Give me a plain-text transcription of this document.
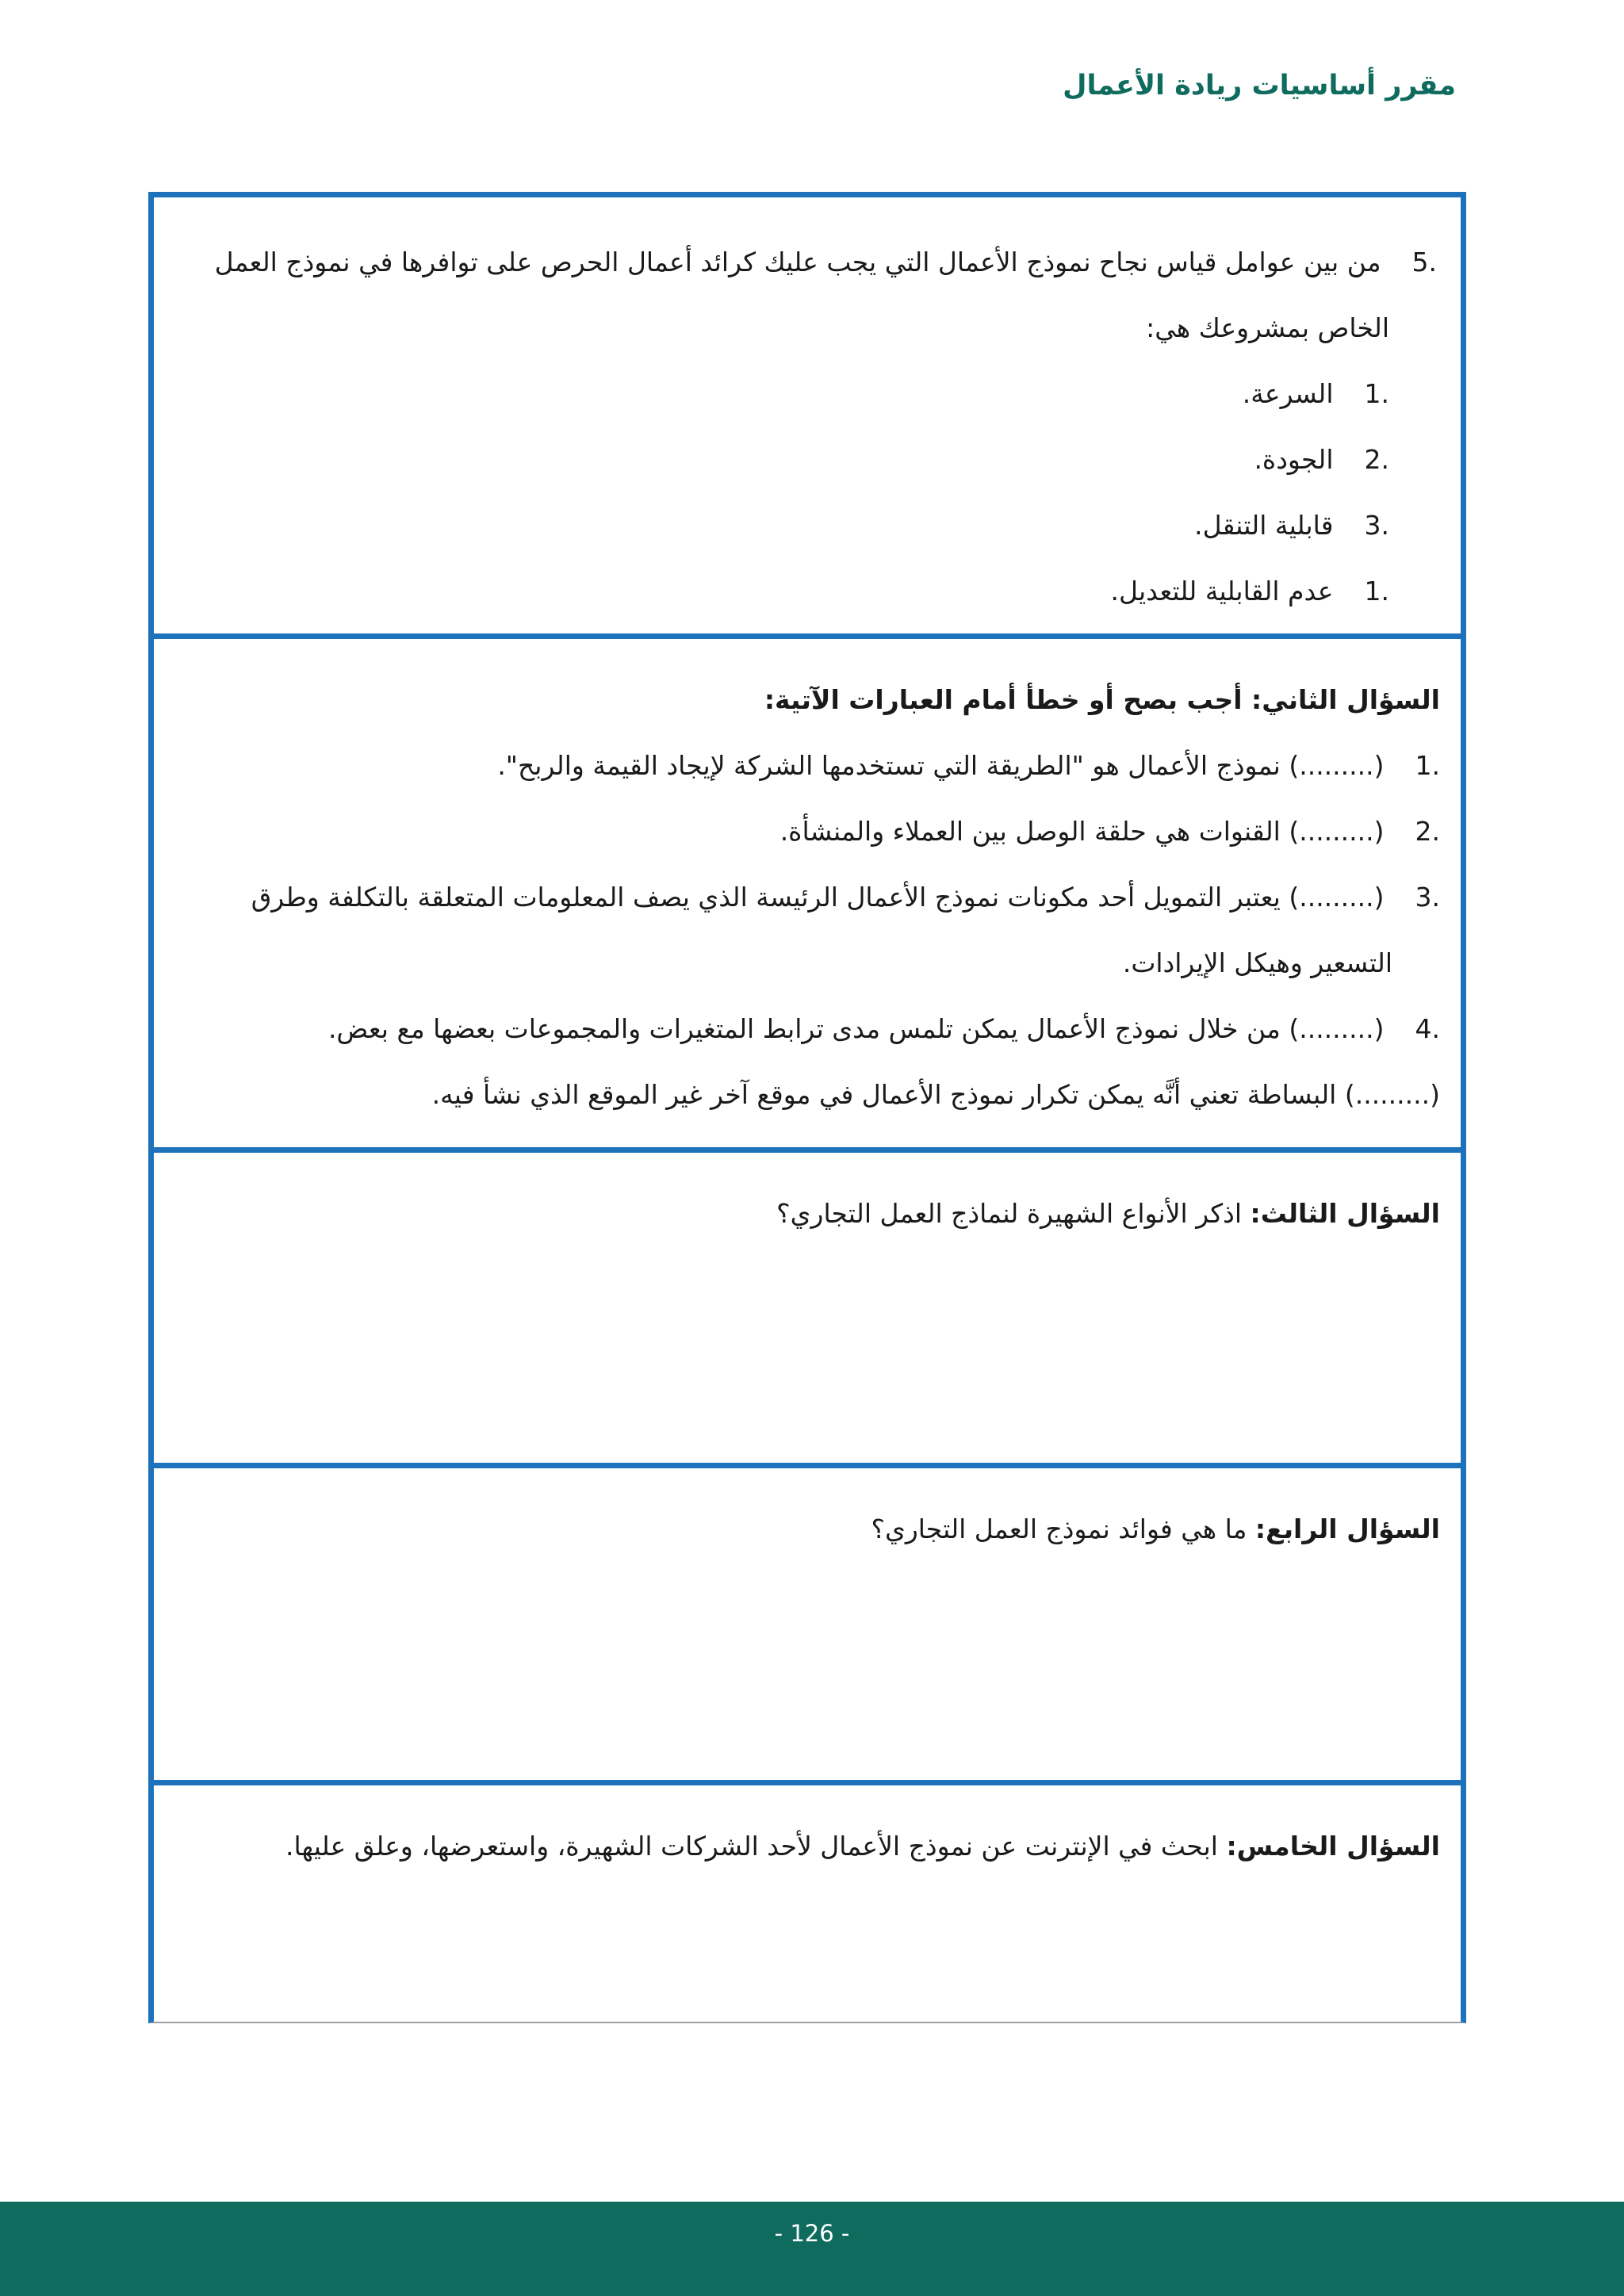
مقرر أساسيات ريادة الأعمال
5. من بين عوامل قياس نجاح نموذج الأعمال التي يجب عليك كرائد أعمال الحرص على توافرها في نموذج العمل
الخاص بمشروعك هي:
1. السرعة.
2. الجودة.
3. قابلية التنقل.
1. عدم القابلية للتعديل.
السؤال الثاني: أجب بصح أو خطأ أمام العبارات الآتية:
1. (.........) نموذج الأعمال هو "الطريقة التي تستخدمها الشركة لإيجاد القيمة والربح".
2. (.........) القنوات هي حلقة الوصل بين العملاء والمنشأة.
3. (.........) يعتبر التمويل أحد مكونات نموذج الأعمال الرئيسة الذي يصف المعلومات المتعلقة بالتكلفة وطرق
التسعير وهيكل الإيرادات.
4. (.........) من خلال نموذج الأعمال يمكن تلمس مدى ترابط المتغيرات والمجموعات بعضها مع بعض.
(.........) البساطة تعني أنَّه يمكن تكرار نموذج الأعمال في موقع آخر غير الموقع الذي نشأ فيه.
السؤال الثالث: اذكر الأنواع الشهيرة لنماذج العمل التجاري؟
السؤال الرابع: ما هي فوائد نموذج العمل التجاري؟
السؤال الخامس: ابحث في الإنترنت عن نموذج الأعمال لأحد الشركات الشهيرة، واستعرضها، وعلق عليها.
- 126 -
